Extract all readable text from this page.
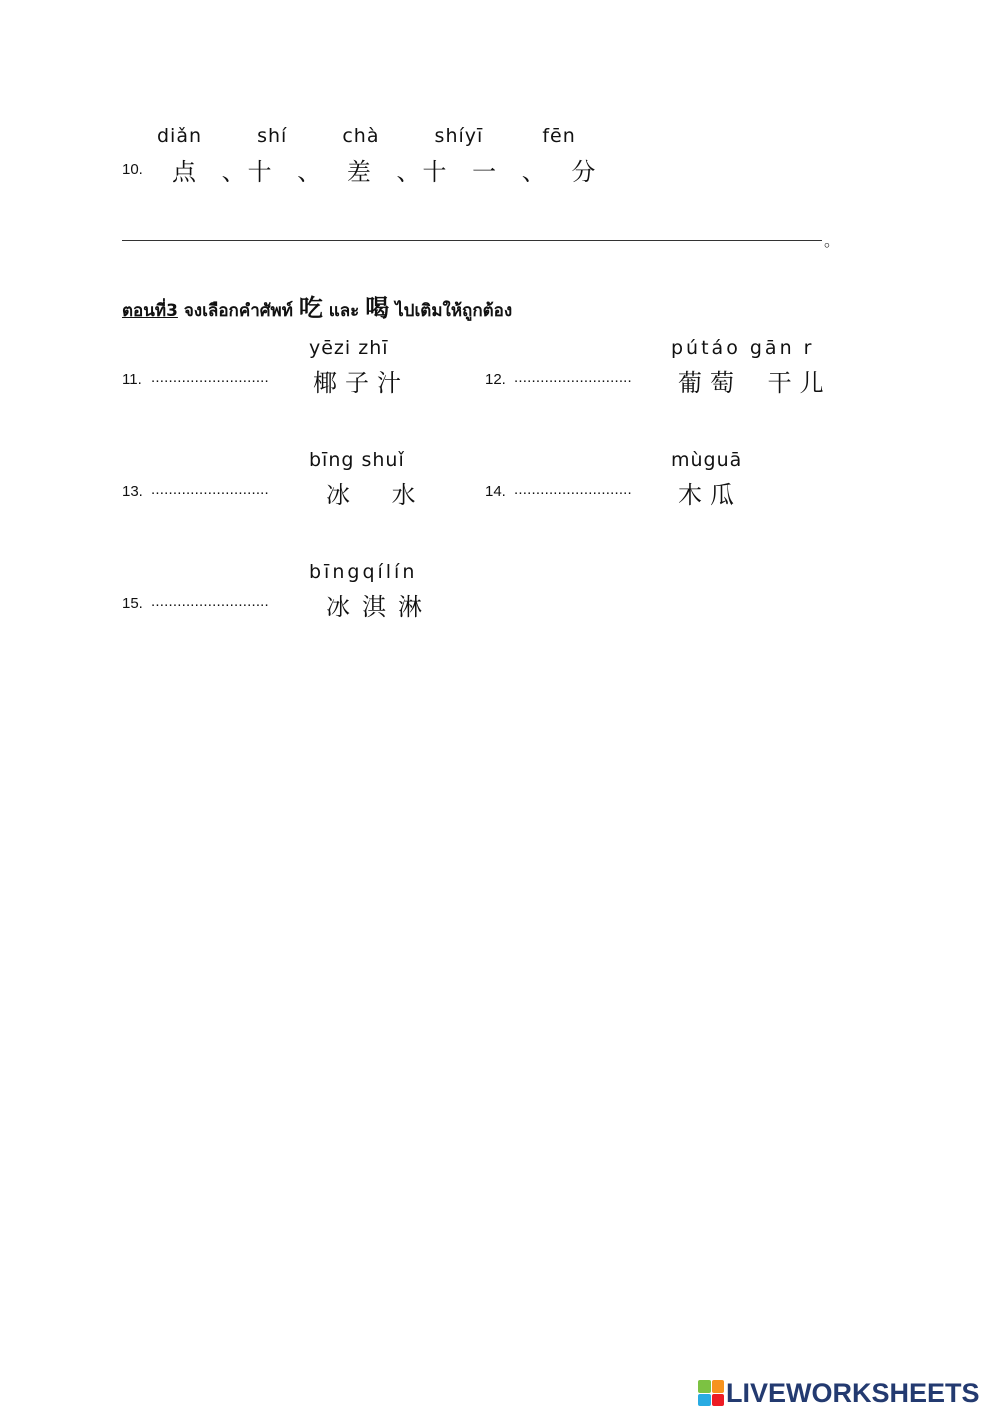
diǎn	shí	chà	shíyī	fēn
10. 点 、十 、 差 、十 一 、 分
。
ตอนที่3 จงเลือกคำศัพท์ 吃 และ 喝 ไปเติมให้ถูกต้อง
yēzi zhī
11. ........................... 椰子汁
pútáo gān r
12. ........................... 葡萄 干儿
bīng shuǐ
13. ........................... 冰 水
mùguā
14. ........................... 木瓜
bīngqílín
15. ........................... 冰淇淋
LIVEWORKSHEETS
